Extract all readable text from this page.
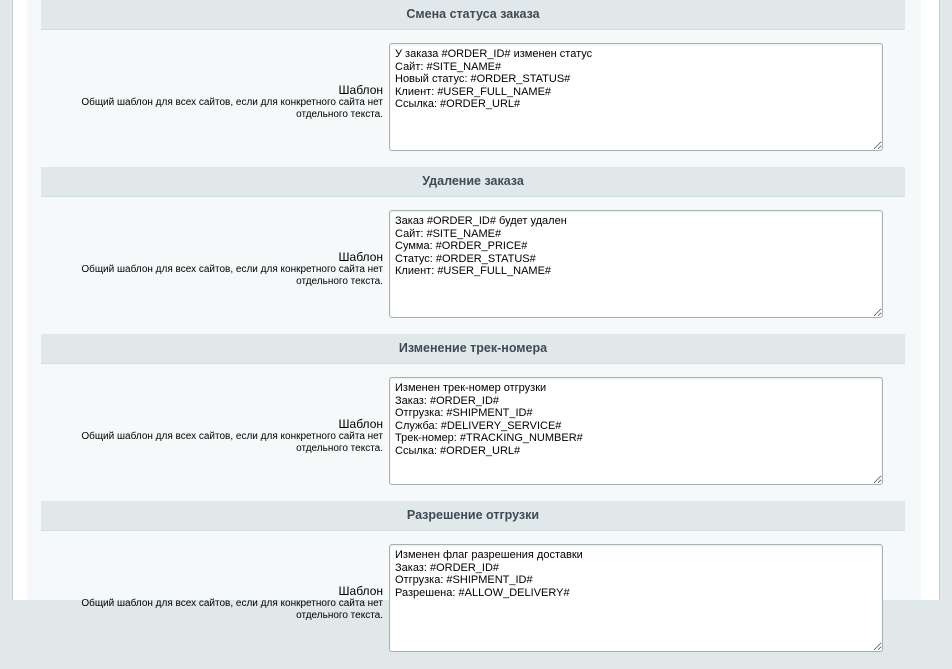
Смена статуса заказа
Шаблон
Общий шаблон для всех сайтов, если для конкретного сайта нет отдельного текста.
У заказа #ORDER_ID# изменен статус Сайт: #SITE_NAME# Новый статус: #ORDER_STATUS# Клиент: #USER_FULL_NAME# Ссылка: #ORDER_URL#
Удаление заказа
Шаблон
Общий шаблон для всех сайтов, если для конкретного сайта нет отдельного текста.
Заказ #ORDER_ID# будет удален Сайт: #SITE_NAME# Сумма: #ORDER_PRICE# Статус: #ORDER_STATUS# Клиент: #USER_FULL_NAME#
Изменение трек-номера
Шаблон
Общий шаблон для всех сайтов, если для конкретного сайта нет отдельного текста.
Изменен трек-номер отгрузки Заказ: #ORDER_ID# Отгрузка: #SHIPMENT_ID# Служба: #DELIVERY_SERVICE# Трек-номер: #TRACKING_NUMBER# Ссылка: #ORDER_URL#
Разрешение отгрузки
Шаблон
Общий шаблон для всех сайтов, если для конкретного сайта нет отдельного текста.
Изменен флаг разрешения доставки Заказ: #ORDER_ID# Отгрузка: #SHIPMENT_ID# Разрешена: #ALLOW_DELIVERY#
